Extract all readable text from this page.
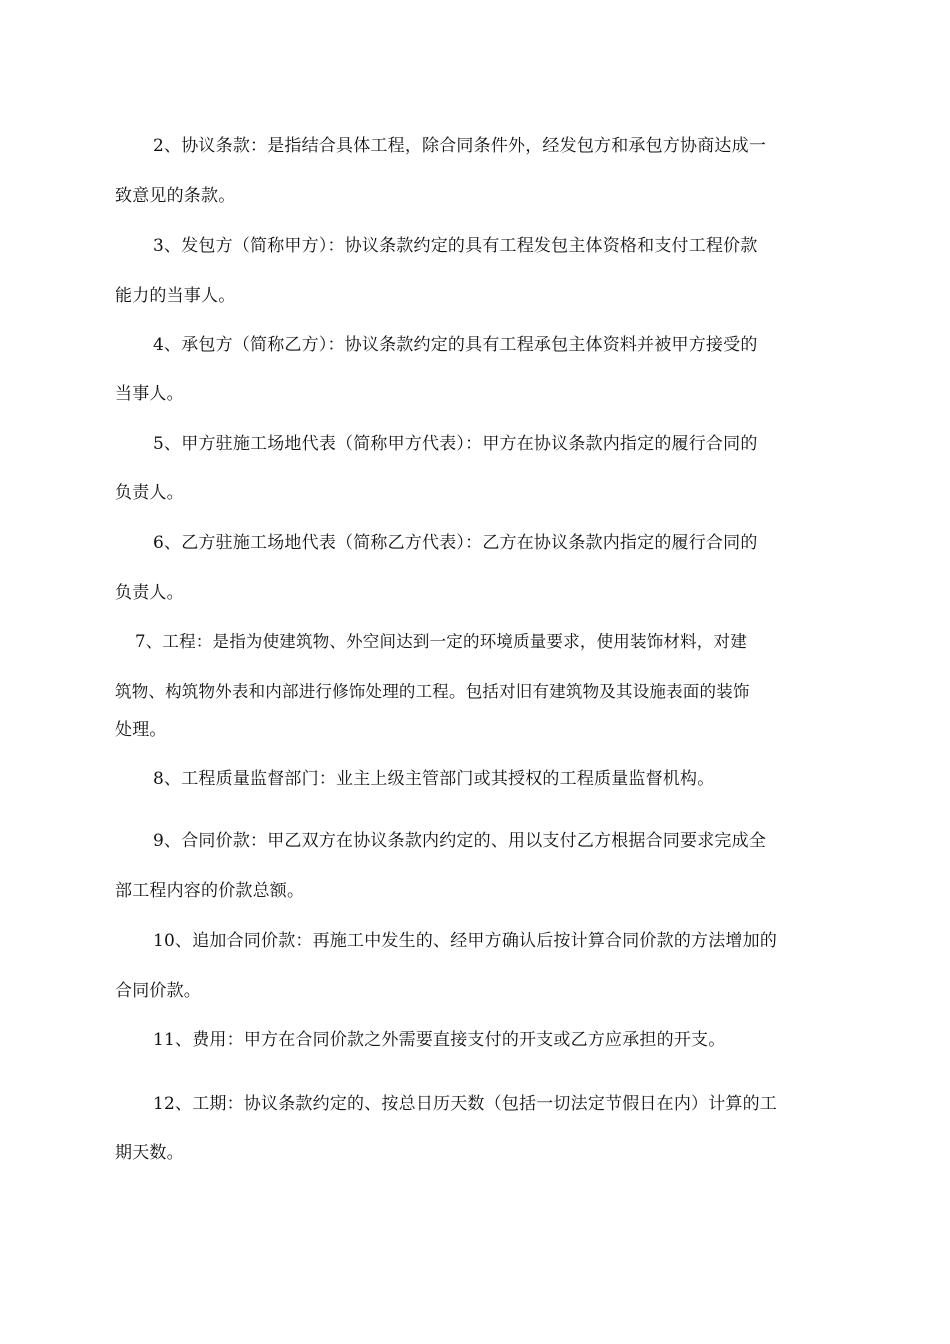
2、协议条款：是指结合具体工程，除合同条件外，经发包方和承包方协商达成一
致意见的条款。
3、发包方（简称甲方）：协议条款约定的具有工程发包主体资格和支付工程价款
能力的当事人。
4、承包方（简称乙方）：协议条款约定的具有工程承包主体资料并被甲方接受的
当事人。
5、甲方驻施工场地代表（简称甲方代表）：甲方在协议条款内指定的履行合同的
负责人。
6、乙方驻施工场地代表（简称乙方代表）：乙方在协议条款内指定的履行合同的
负责人。
7、工程：是指为使建筑物、外空间达到一定的环境质量要求，使用装饰材料，对建
筑物、构筑物外表和内部进行修饰处理的工程。包括对旧有建筑物及其设施表面的装饰
处理。
8、工程质量监督部门：业主上级主管部门或其授权的工程质量监督机构。
9、合同价款：甲乙双方在协议条款内约定的、用以支付乙方根据合同要求完成全
部工程内容的价款总额。
10、追加合同价款：再施工中发生的、经甲方确认后按计算合同价款的方法增加的
合同价款。
11、费用：甲方在合同价款之外需要直接支付的开支或乙方应承担的开支。
12、工期：协议条款约定的、按总日历天数（包括一切法定节假日在内）计算的工
期天数。
